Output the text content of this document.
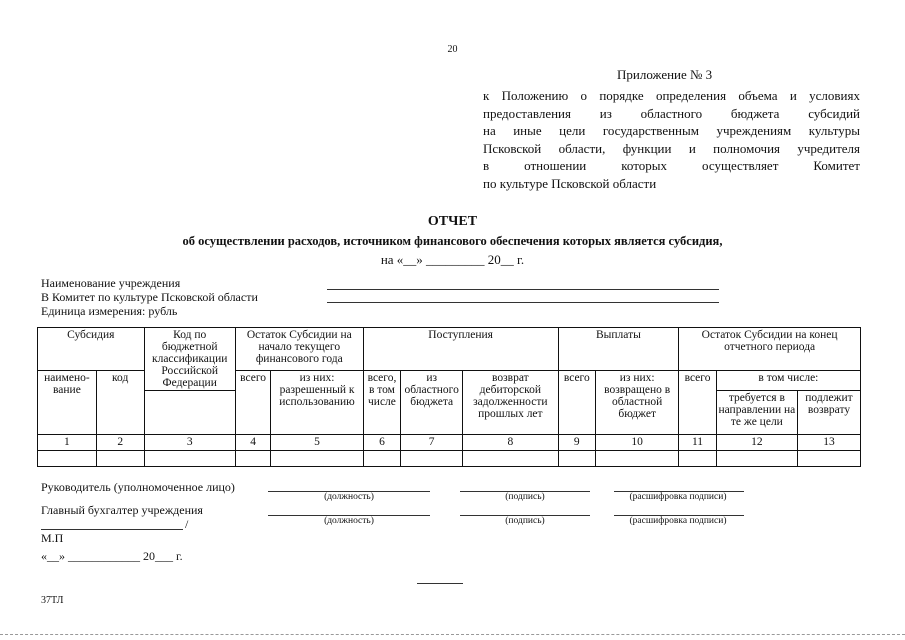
20
Приложение № 3
к Положению о порядке определения объема и условиях
предоставления из областного бюджета субсидий
на иные цели государственным учреждениям культуры
Псковской области, функции и полномочия учредителя
в отношении которых осуществляет Комитет
по культуре Псковской области
ОТЧЕТ
об осуществлении расходов, источником финансового обеспечения которых является субсидия,
на «__» _________ 20__ г.
Наименование учреждения
В Комитет по культуре Псковской области
Единица измерения: рубль
Субсидия		Код по бюджетной классификации Российской Федерации	Остаток Субсидии на начало текущего финансового года		Поступления			Выплаты		Остаток Субсидии на конец отчетного периода		
наимено-вание	код		всего	из них: разрешенный к использованию	всего, в том числе	из областного бюджета	возврат дебиторской задолженности прошлых лет	всего	из них: возвращено в областной бюджет	всего	в том числе:	
											требуется в направлении на те же цели	подлежит возврату
1	2	3	4	5	6	7	8	9	10	11	12	13

Руководитель (уполномоченное лицо)
(должность)	(подпись)	(расшифровка подписи)
Главный бухгалтер учреждения
/	(должность)	(подпись)	(расшифровка подписи)
М.П
«__» ____________ 20___ г.
37ТЛ
